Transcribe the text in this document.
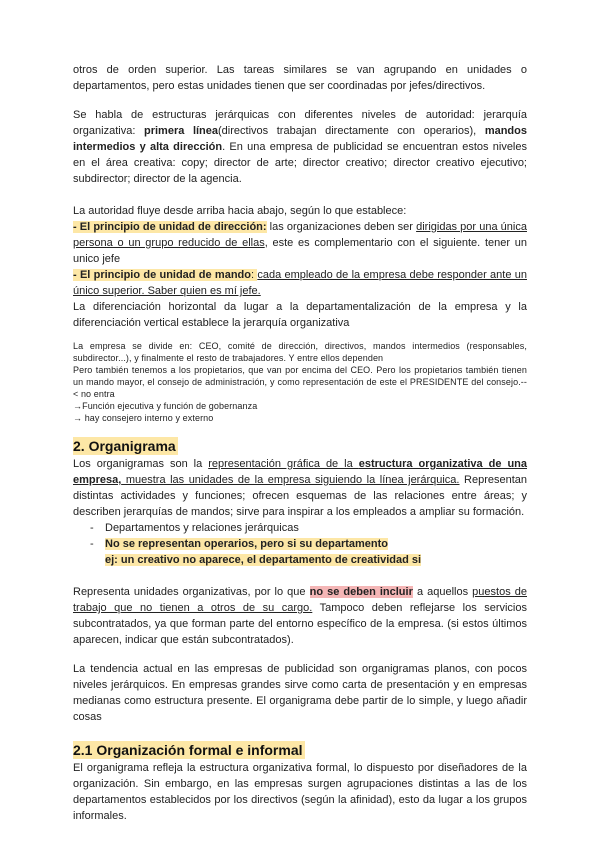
otros de orden superior. Las tareas similares se van agrupando en unidades o departamentos, pero estas unidades tienen que ser coordinadas por jefes/directivos.

Se habla de estructuras jerárquicas con diferentes niveles de autoridad: jerarquía organizativa: primera línea(directivos trabajan directamente con operarios), mandos intermedios y alta dirección. En una empresa de publicidad se encuentran estos niveles en el área creativa: copy; director de arte; director creativo; director creativo ejecutivo; subdirector; director de la agencia.

La autoridad fluye desde arriba hacia abajo, según lo que establece:

- El principio de unidad de dirección: las organizaciones deben ser dirigidas por una única persona o un grupo reducido de ellas, este es complementario con el siguiente. tener un unico jefe

- El principio de unidad de mando: cada empleado de la empresa debe responder ante un único superior. Saber quien es mí jefe.

La diferenciación horizontal da lugar a la departamentalización de la empresa y la diferenciación vertical establece la jerarquía organizativa

La empresa se divide en: CEO, comité de dirección, directivos, mandos intermedios (responsables, subdirector...), y finalmente el resto de trabajadores. Y entre ellos dependen

Pero también tenemos a los propietarios, que van por encima del CEO. Pero los propietarios también tienen un mando mayor, el consejo de administración, y como representación de este el PRESIDENTE del consejo.-- < no entra

→Función ejecutiva y función de gobernanza

→ hay consejero interno y externo

2. Organigrama

Los organigramas son la representación gráfica de la estructura organizativa de una empresa, muestra las unidades de la empresa siguiendo la línea jerárquica. Representan distintas actividades y funciones; ofrecen esquemas de las relaciones entre áreas; y describen jerarquías de mandos; sirve para inspirar a los empleados a ampliar su formación.

- Departamentos y relaciones jerárquicas
- No se representan operarios, pero si su departamento
ej: un creativo no aparece, el departamento de creatividad si

Representa unidades organizativas, por lo que no se deben incluir a aquellos puestos de trabajo que no tienen a otros de su cargo. Tampoco deben reflejarse los servicios subcontratados, ya que forman parte del entorno específico de la empresa. (si estos últimos aparecen, indicar que están subcontratados).

La tendencia actual en las empresas de publicidad son organigramas planos, con pocos niveles jerárquicos. En empresas grandes sirve como carta de presentación y en empresas medianas como estructura presente. El organigrama debe partir de lo simple, y luego añadir cosas

2.1 Organización formal e informal

El organigrama refleja la estructura organizativa formal, lo dispuesto por diseñadores de la organización. Sin embargo, en las empresas surgen agrupaciones distintas a las de los departamentos establecidos por los directivos (según la afinidad), esto da lugar a los grupos informales.
